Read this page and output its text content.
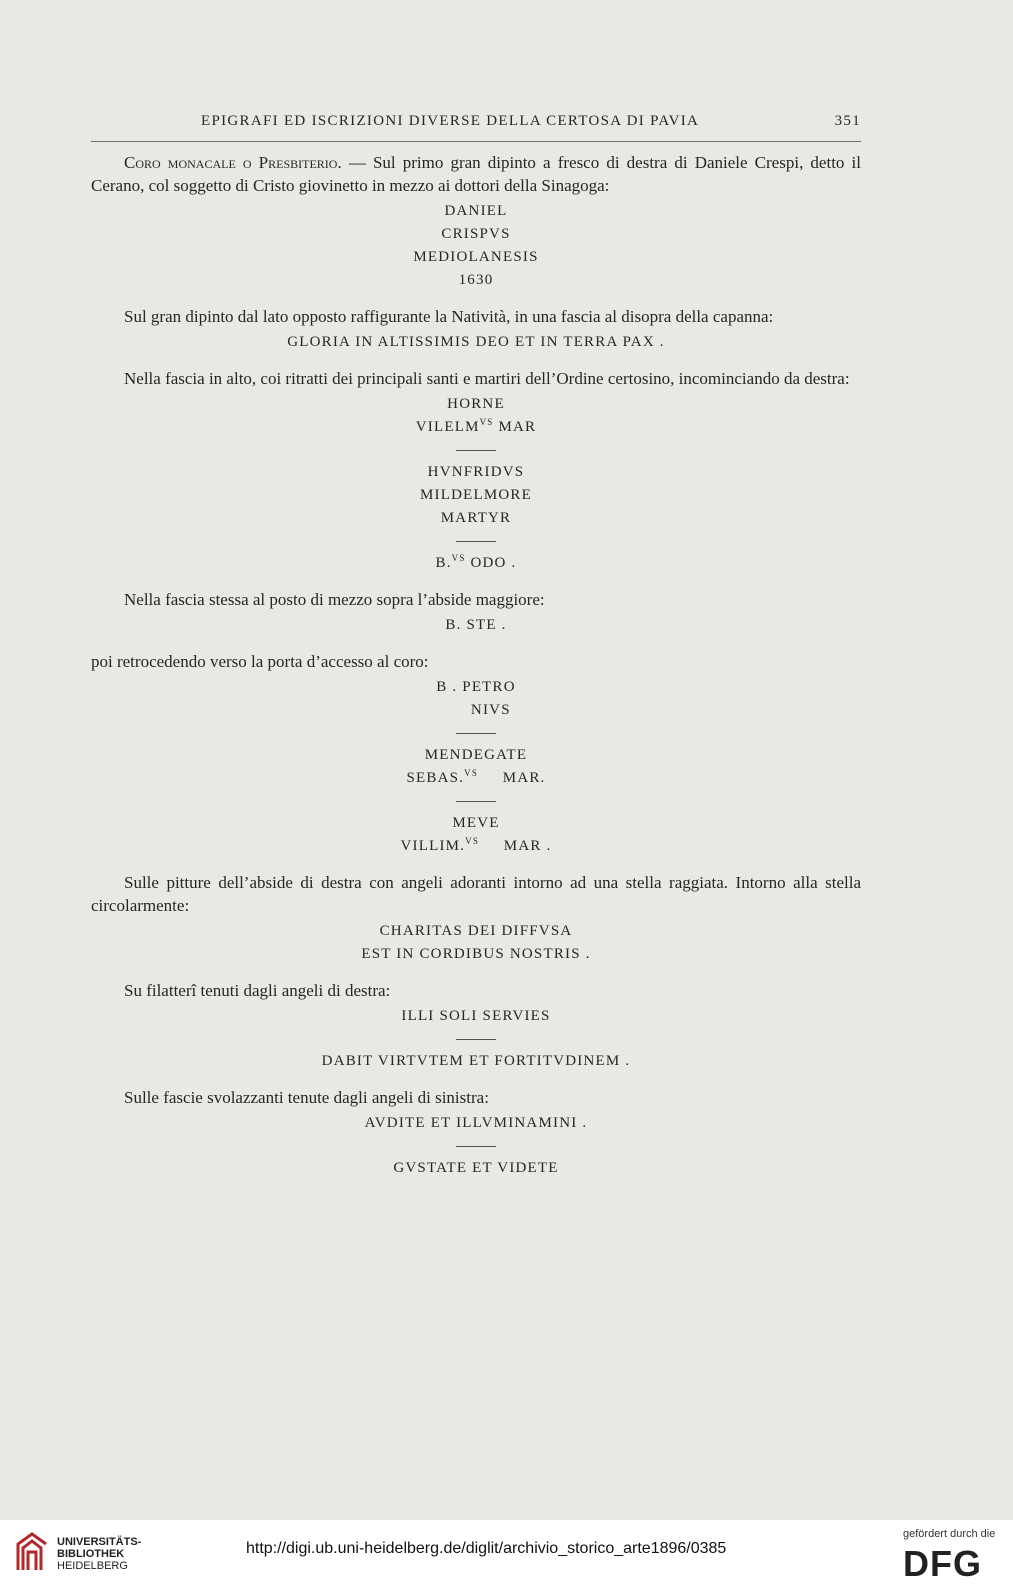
EPIGRAFI ED ISCRIZIONI DIVERSE DELLA CERTOSA DI PAVIA	351

Coro monacale o Presbiterio. — Sul primo gran dipinto a fresco di destra di Daniele Crespi, detto il Cerano, col soggetto di Cristo giovinetto in mezzo ai dottori della Sinagoga:

DANIEL
CRISPVS
MEDIOLANESIS
1630

Sul gran dipinto dal lato opposto raffigurante la Natività, in una fascia al disopra della capanna:

GLORIA IN ALTISSIMIS DEO ET IN TERRA PAX .

Nella fascia in alto, coi ritratti dei principali santi e martiri dell’Ordine certosino, incominciando da destra:

HORNE
$VILELM^{VS}$ MAR
HVNFRIDVS
MILDELMORE
MARTYR
B.$^{VS}$ ODO .

Nella fascia stessa al posto di mezzo sopra l’abside maggiore:

B. STE .

poi retrocedendo verso la porta d’accesso al coro:

B . PETRO
NIVS
MENDEGATE
SEBAS.$^{VS}$     MAR.
MEVE
VILLIM.$^{VS}$     MAR .

Sulle pitture dell’abside di destra con angeli adoranti intorno ad una stella raggiata. Intorno alla stella circolarmente:

CHARITAS DEI DIFFVSA
EST IN CORDIBUS NOSTRIS .

Su filatterî tenuti dagli angeli di destra:

ILLI SOLI SERVIES
DABIT VIRTVTEM ET FORTITVDINEM .

Sulle fascie svolazzanti tenute dagli angeli di sinistra:

AVDITE ET ILLVMINAMINI .
GVSTATE ET VIDETE
UNIVERSITÄTS-
BIBLIOTHEK
HEIDELBERG
http://digi.ub.uni-heidelberg.de/diglit/archivio_storico_arte1896/0385
gefördert durch die
DFG
